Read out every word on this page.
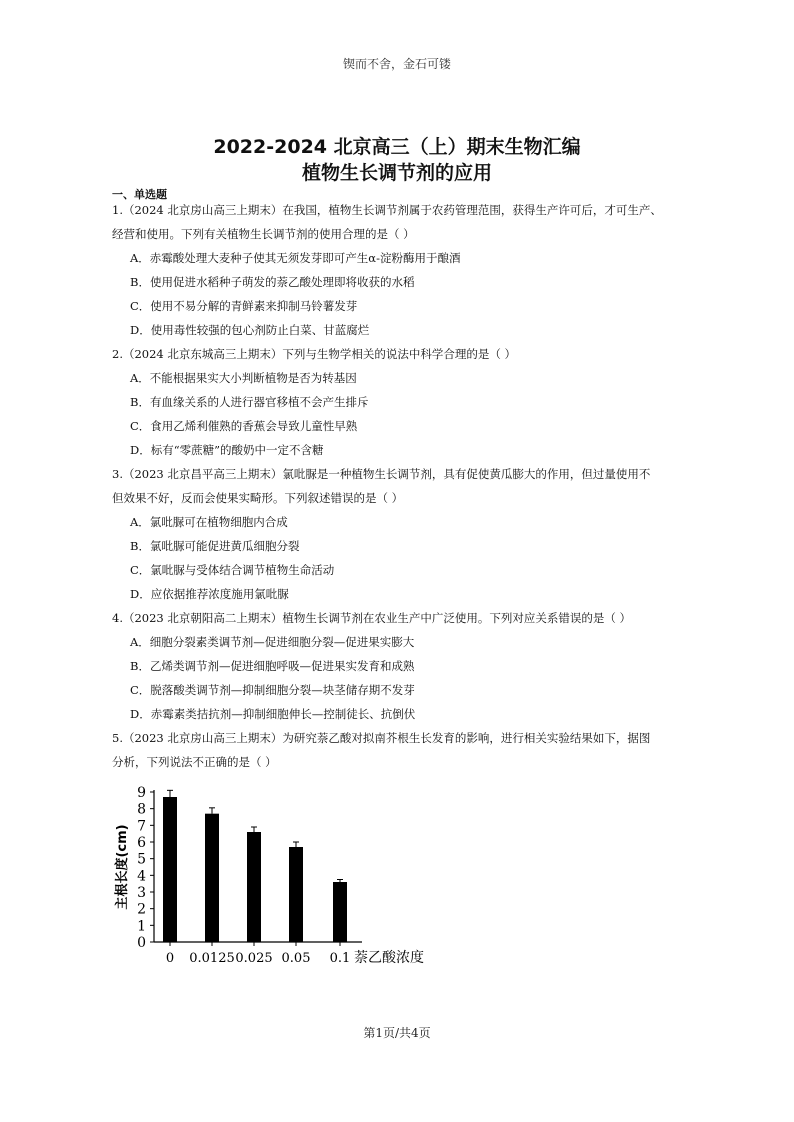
锲而不舍，金石可镂
2022-2024 北京高三（上）期末生物汇编
植物生长调节剂的应用
一、单选题
1.（2024 北京房山高三上期末）在我国，植物生长调节剂属于农药管理范围，获得生产许可后，才可生产、
经营和使用。下列有关植物生长调节剂的使用合理的是（ ）
A．赤霉酸处理大麦种子使其无须发芽即可产生α-淀粉酶用于酿酒
B．使用促进水稻种子萌发的萘乙酸处理即将收获的水稻
C．使用不易分解的青鲜素来抑制马铃薯发芽
D．使用毒性较强的包心剂防止白菜、甘蓝腐烂
2.（2024 北京东城高三上期末）下列与生物学相关的说法中科学合理的是（ ）
A．不能根据果实大小判断植物是否为转基因
B．有血缘关系的人进行器官移植不会产生排斥
C．食用乙烯利催熟的香蕉会导致儿童性早熟
D．标有“零蔗糖”的酸奶中一定不含糖
3.（2023 北京昌平高三上期末）氯吡脲是一种植物生长调节剂，具有促使黄瓜膨大的作用，但过量使用不
但效果不好，反而会使果实畸形。下列叙述错误的是（ ）
A．氯吡脲可在植物细胞内合成
B．氯吡脲可能促进黄瓜细胞分裂
C．氯吡脲与受体结合调节植物生命活动
D．应依据推荐浓度施用氯吡脲
4.（2023 北京朝阳高二上期末）植物生长调节剂在农业生产中广泛使用。下列对应关系错误的是（ ）
A．细胞分裂素类调节剂—促进细胞分裂—促进果实膨大
B．乙烯类调节剂—促进细胞呼吸—促进果实发育和成熟
C．脱落酸类调节剂—抑制细胞分裂—块茎储存期不发芽
D．赤霉素类拮抗剂—抑制细胞伸长—控制徒长、抗倒伏
5.（2023 北京房山高三上期末）为研究萘乙酸对拟南芥根生长发育的影响，进行相关实验结果如下，据图
分析，下列说法不正确的是（ ）
0
1
2
3
4
5
6
7
8
9
主根长度(cm)
0 0.0125 0.025 0.05 0.1 萘乙酸浓度
第1页/共4页
